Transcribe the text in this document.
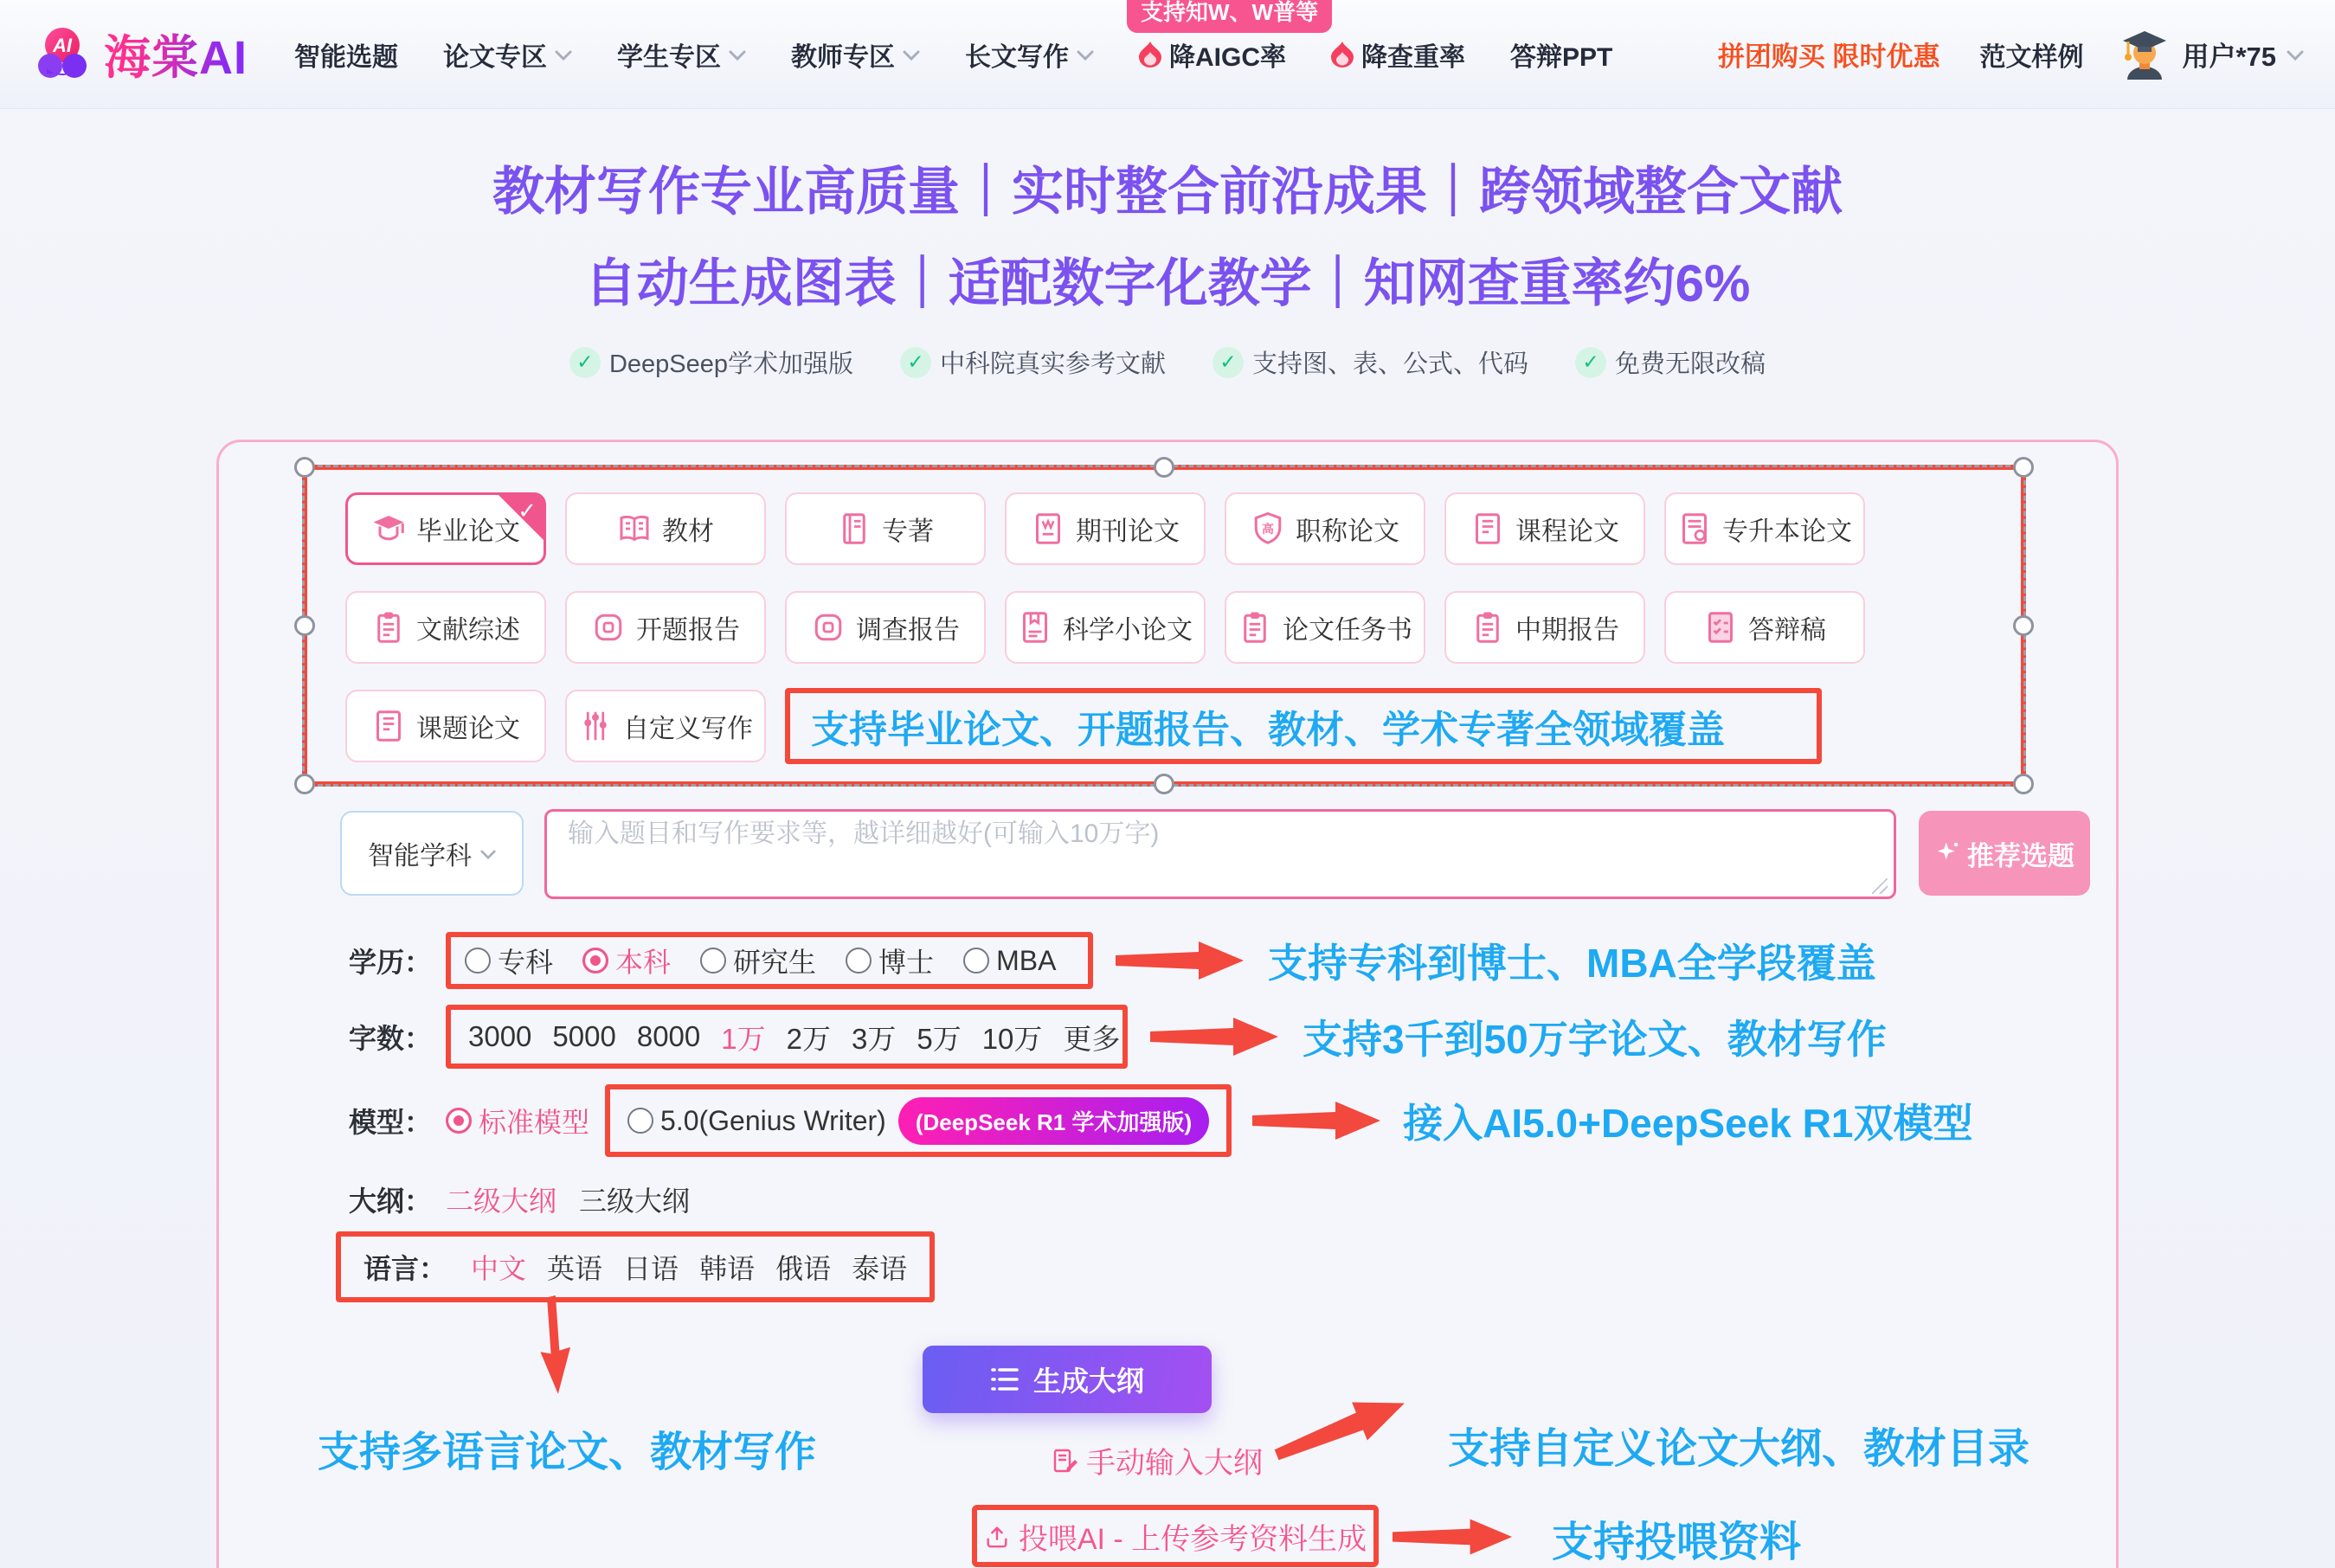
AI 海棠AI 智能选题 论文专区	学生专区	教师专区	长文写作
支持知W、W普等
降AIGC率	降查重率 答辩PPT	拼团购买 限时优惠 范文样例	用户*75
教材写作专业高质量｜实时整合前沿成果｜跨领域整合文献
自动生成图表｜适配数字化教学｜知网查重率约6%
✓ DeepSeep学术加强版	✓ 中科院真实参考文献	✓ 支持图、表、公式、代码	✓ 免费无限改稿
毕业论文
✓
教材	专著	期刊论文	高 职称论文	课程论文	专升本论文
文献综述	开题报告	调查报告	科学小论文	论文任务书	中期报告	答辩稿
课题论文	自定义写作 支持毕业论文、开题报告、教材、学术专著全领域覆盖
智能学科
输入题目和写作要求等，越详细越好(可输入10万字)	推荐选题
学历：	专科 本科 研究生 博士 MBA	支持专科到博士、MBA全学段覆盖
字数：	3000 5000 8000 1万 2万 3万 5万 10万 更多	支持3千到50万字论文、教材写作
模型：	标准模型	5.0(Genius Writer)	(DeepSeek R1 学术加强版)	接入AI5.0+DeepSeek R1双模型
大纲： 二级大纲 三级大纲
语言： 中文 英语 日语 韩语 俄语 泰语
生成大纲
支持多语言论文、教材写作	手动输入大纲	支持自定义论文大纲、教材目录
投喂AI - 上传参考资料生成	支持投喂资料
